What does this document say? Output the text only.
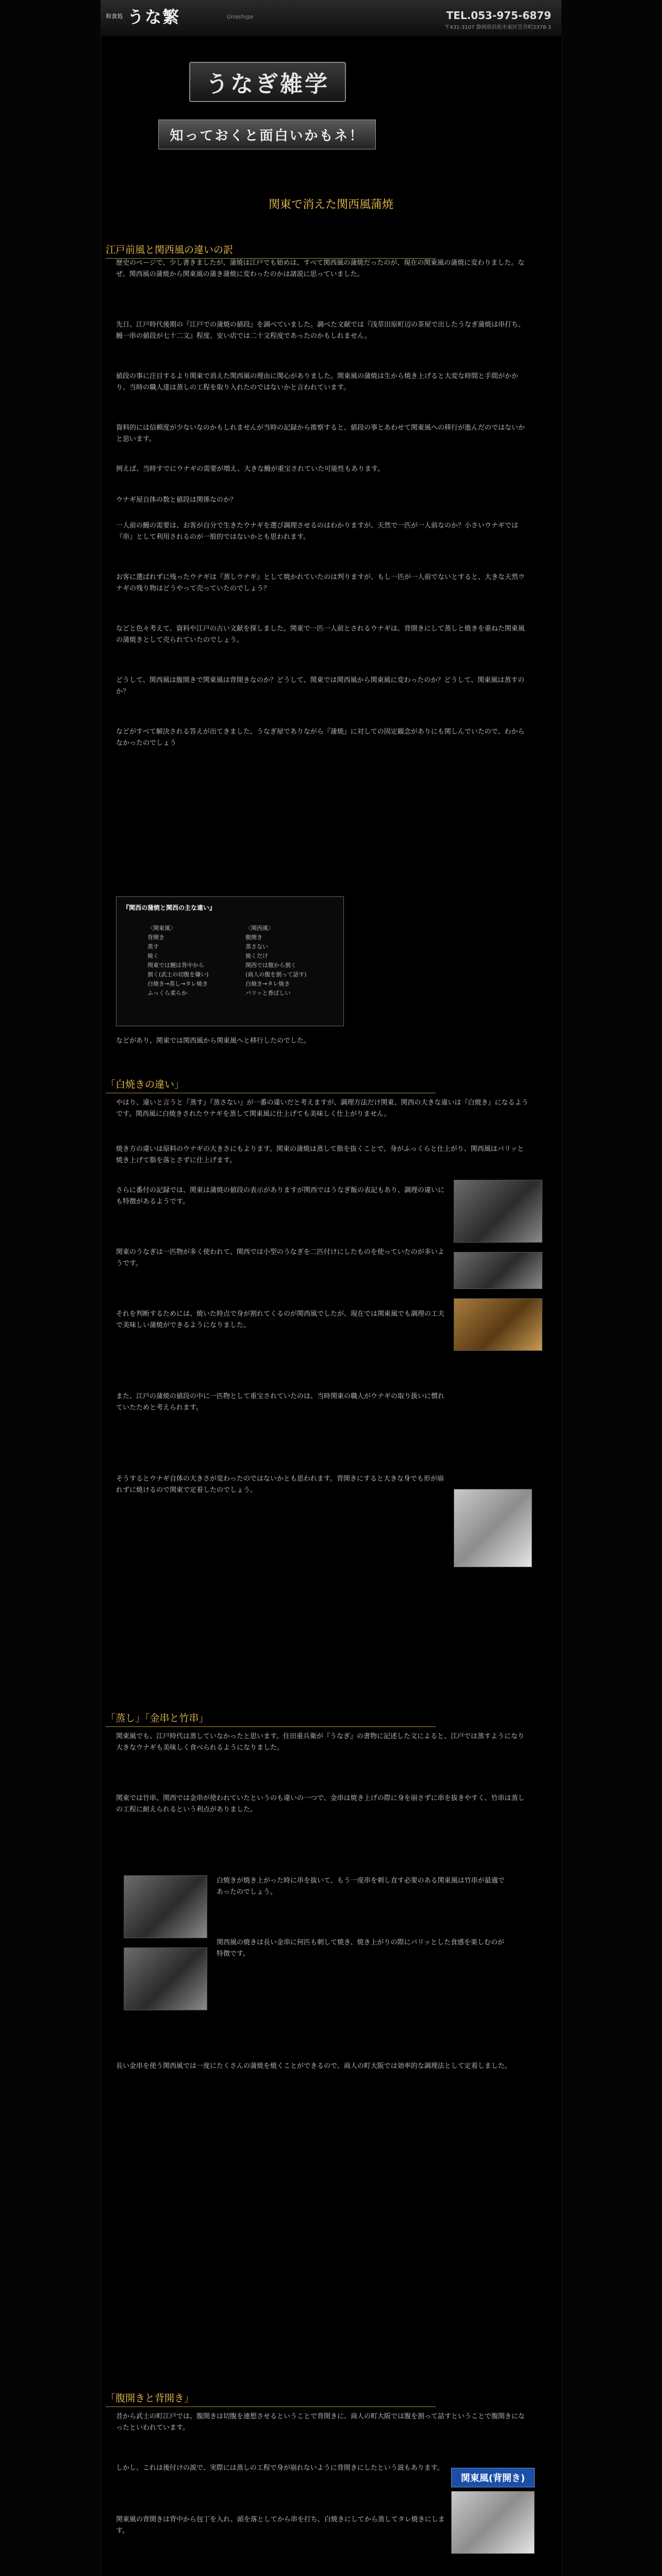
和食処 うな繁	Unashige	TEL.053-975-6879
〒431-3107 静岡県浜松市東区笠井町2378-3
うなぎ雑学
知っておくと面白いかもネ！
関東で消えた関西風蒲焼
江戸前風と関西風の違いの訳

歴史のページで、少し書きましたが、蒲焼は江戸でも始めは、すべて関西風の蒲焼だったのが、現在の関東風の蒲焼に変わりました。なぜ、関西風の蒲焼から関東風の蒲き蒲焼に変わったのかは諸説に思っていました。

先日、江戸時代後期の『江戸での蒲焼の値段』を調べていました。調べた文献では『浅草田原町辺の茶屋で出したうなぎ蒲焼は串打ち、鰻一串の値段が七十二文』程度、安い店では二十文程度であったのかもしれません。

値段の事に注目するより関東で消えた関西風の理由に関心がありました。関東風の蒲焼は生から焼き上げると大変な時間と手間がかかり、当時の職人達は蒸しの工程を取り入れたのではないかと言われています。

資料的には信頼度が少ないなのかもしれませんが当時の記録から推察すると、値段の事とあわせて関東風への移行が進んだのではないかと思います。

例えば、当時すでにウナギの需要が増え、大きな鰻が重宝されていた可能性もあります。

ウナギ屋自体の数と値段は関係なのか？

一人前の鰻の需要は、お客が自分で生きたウナギを選び調理させるのはわかりますが、天然で一匹が一人前なのか？小さいウナギでは『串』として利用されるのが一般的ではないかとも思われます。

お客に選ばれずに残ったウナギは『蒸しウナギ』として焼かれていたのは判りますが、もし一匹が一人前でないとすると、大きな天然ウナギの残り物はどうやって売っていたのでしょう？

などと色々考えて、資料や江戸の古い文献を探しました。関東で一匹一人前とされるウナギは、背開きにして蒸しと焼きを重ねた関東風の蒲焼きとして売られていたのでしょう。

どうして、関西風は腹開きで関東風は背開きなのか？どうして、関東では関西風から関東風に変わったのか？どうして、関東風は蒸すのか？

などがすべて解決される答えが出てきました。うなぎ屋でありながら『蒲焼』に対しての固定観念がありにも関しんでいたので、わからなかったのでしょう

『関西の蒲焼と関西の主な違い』
〈関東風〉
背開き
蒸す
焼く
関東では鰻は背中から
割く(武士の切腹を嫌い)
白焼き→蒸し→タレ焼き
ふっくら柔らか
〈関西風〉
腹開き
蒸さない
焼くだけ
関西では腹から割く
(商人の腹を割って話す)
白焼き→タレ焼き
パリッと香ばしい

などがあり、関東では関西風から関東風へと移行したのでした。

「白焼きの違い」

やはり、違いと言うと『蒸す』『蒸さない』が一番の違いだと考えますが、調理方法だけ関東、関西の大きな違いは『白焼き』になるようです。関西風に白焼きされたウナギを蒸して関東風に仕上げても美味しく仕上がりません。

焼き方の違いは原料のウナギの大きさにもよります。関東の蒲焼は蒸して脂を抜くことで、身がふっくらと仕上がり、関西風はパリッと焼き上げて脂を落とさずに仕上げます。

さらに番付の記録では、関東は蒲焼の値段の表示がありますが関西ではうなぎ飯の表記もあり、調理の違いにも特徴があるようです。

関東のうなぎは一匹物が多く使われて、関西では小型のうなぎを二匹付けにしたものを使っていたのが多いようです。

それを判断するためには、焼いた時点で身が割れてくるのが関西風でしたが、現在では関東風でも調理の工夫で美味しい蒲焼ができるようになりました。

また、江戸の蒲焼の値段の中に一匹物として重宝されていたのは、当時関東の職人がウナギの取り扱いに慣れていたためと考えられます。

そうするとウナギ自体の大きさが変わったのではないかとも思われます。背開きにすると大きな身でも形が崩れずに焼けるので関東で定着したのでしょう。

「蒸し」「金串と竹串」

関東風でも、江戸時代は蒸していなかったと思います。住田重兵衛が『うなぎ』の書物に記述した文によると、江戸では蒸すようになり大きなウナギも美味しく食べられるようになりました。

関東では竹串、関西では金串が使われていたというのも違いの一つで、金串は焼き上げの際に身を崩さずに串を抜きやすく、竹串は蒸しの工程に耐えられるという利点がありました。

白焼きが焼き上がった時に串を抜いて、もう一度串を刺し直す必要のある関東風は竹串が最適であったのでしょう。

関西風の焼きは長い金串に何匹も刺して焼き、焼き上がりの際にパリッとした食感を楽しむのが特徴です。

長い金串を使う関西風では一度にたくさんの蒲焼を焼くことができるので、商人の町大阪では効率的な調理法として定着しました。

「腹開きと背開き」

昔から武士の町江戸では、腹開きは切腹を連想させるということで背開きに、商人の町大阪では腹を割って話すということで腹開きになったといわれています。

しかし、これは後付けの説で、実際には蒸しの工程で身が崩れないように背開きにしたという説もあります。

関東風の背開きは背中から包丁を入れ、頭を落としてから串を打ち、白焼きにしてから蒸してタレ焼きにします。

関東風(背開き)
